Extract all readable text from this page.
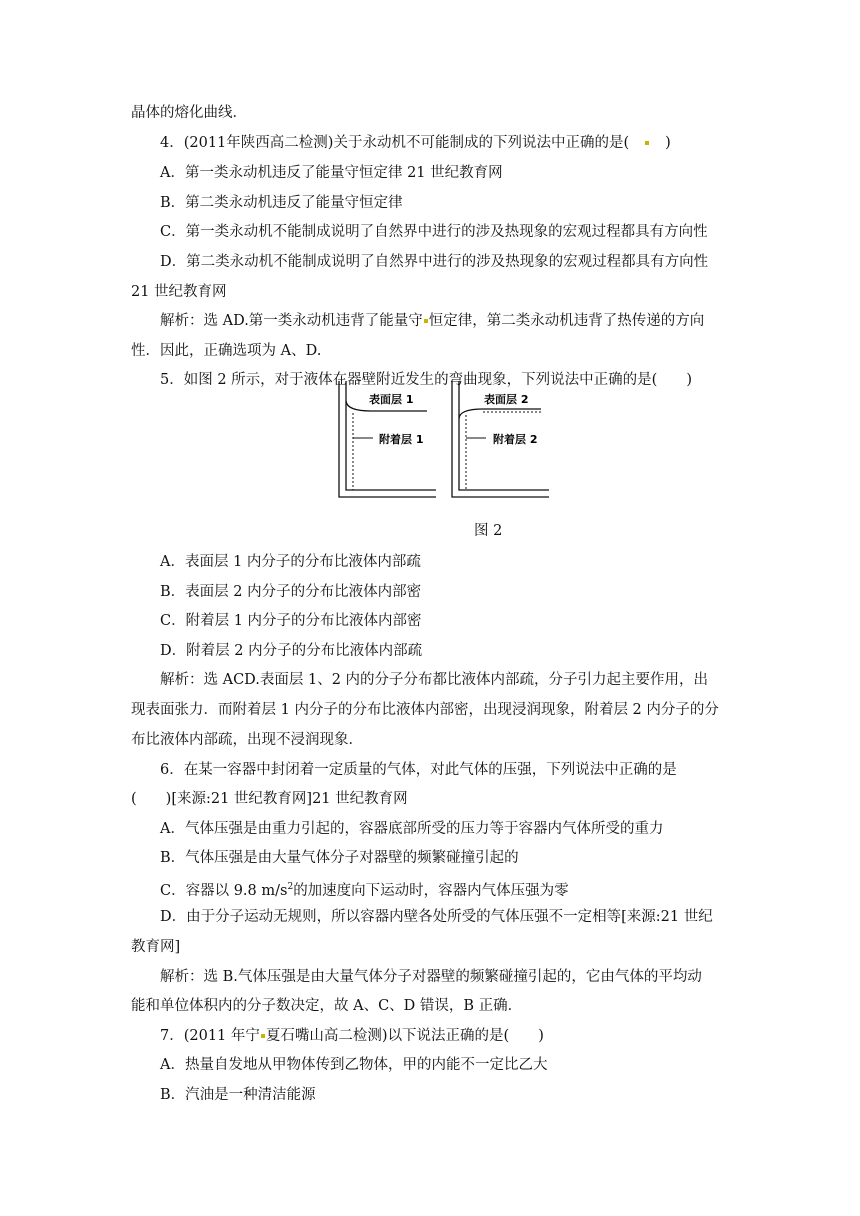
晶体的熔化曲线．
4．(2011年陕西高二检测)关于永动机不可能制成的下列说法中正确的是( )
A．第一类永动机违反了能量守恒定律 21 世纪教育网
B．第二类永动机违反了能量守恒定律
C．第一类永动机不能制成说明了自然界中进行的涉及热现象的宏观过程都具有方向性
D．第二类永动机不能制成说明了自然界中进行的涉及热现象的宏观过程都具有方向性
21 世纪教育网
解析：选 AD.第一类永动机违背了能量守 恒定律，第二类永动机违背了热传递的方向
性．因此，正确选项为 A、D.
5．如图 2 所示，对于液体在器壁附近发生的弯曲现象，下列说法中正确的是(　　)
表面层 1
附着层 1
表面层 2
附着层 2
图 2
A．表面层 1 内分子的分布比液体内部疏
B．表面层 2 内分子的分布比液体内部密
C．附着层 1 内分子的分布比液体内部密
D．附着层 2 内分子的分布比液体内部疏
解析：选 ACD.表面层 1、2 内的分子分布都比液体内部疏，分子引力起主要作用，出
现表面张力．而附着层 1 内分子的分布比液体内部密，出现浸润现象，附着层 2 内分子的分
布比液体内部疏，出现不浸润现象．
6．在某一容器中封闭着一定质量的气体，对此气体的压强，下列说法中正确的是
(　　)[来源:21 世纪教育网]21 世纪教育网
A．气体压强是由重力引起的，容器底部所受的压力等于容器内气体所受的重力
B．气体压强是由大量气体分子对器壁的频繁碰撞引起的
C．容器以 9.8 $m/s^2$的加速度向下运动时，容器内气体压强为零
D．由于分子运动无规则，所以容器内壁各处所受的气体压强不一定相等[来源:21 世纪
教育网]
解析：选 B.气体压强是由大量气体分子对器壁的频繁碰撞引起的，它由气体的平均动
能和单位体积内的分子数决定，故 A、C、D 错误，B 正确．
7．(2011 年宁 夏石嘴山高二检测)以下说法正确的是(　　)
A．热量自发地从甲物体传到乙物体，甲的内能不一定比乙大
B．汽油是一种清洁能源
